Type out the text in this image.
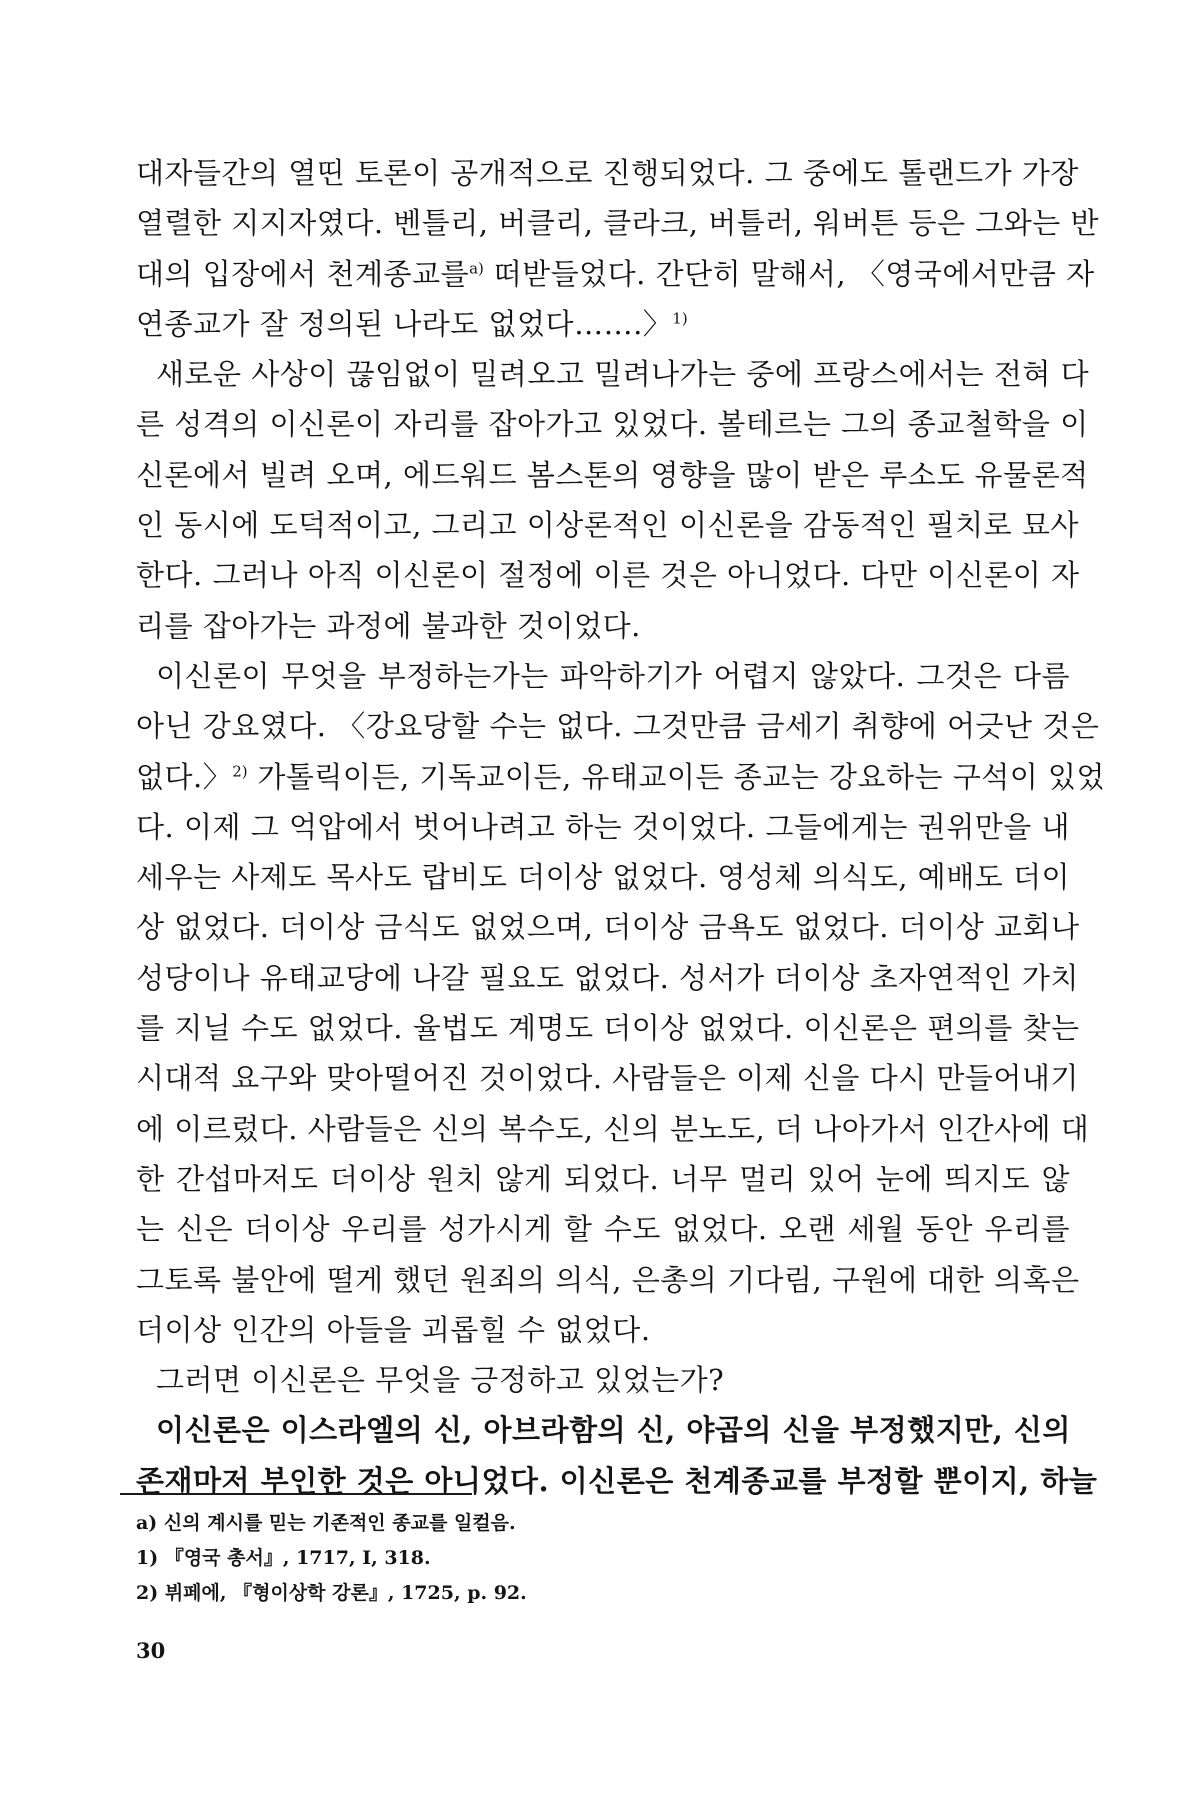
대자들간의 열띤 토론이 공개적으로 진행되었다. 그 중에도 톨랜드가 가장
열렬한 지지자였다. 벤틀리, 버클리, 클라크, 버틀러, 워버튼 등은 그와는 반
대의 입장에서 천계종교를$^{a)}$ 떠받들었다. 간단히 말해서, 〈영국에서만큼 자
연종교가 잘 정의된 나라도 없었다…….〉$^{1)}$
새로운 사상이 끊임없이 밀려오고 밀려나가는 중에 프랑스에서는 전혀 다
른 성격의 이신론이 자리를 잡아가고 있었다. 볼테르는 그의 종교철학을 이
신론에서 빌려 오며, 에드워드 봄스톤의 영향을 많이 받은 루소도 유물론적
인 동시에 도덕적이고, 그리고 이상론적인 이신론을 감동적인 필치로 묘사
한다. 그러나 아직 이신론이 절정에 이른 것은 아니었다. 다만 이신론이 자
리를 잡아가는 과정에 불과한 것이었다.
이신론이 무엇을 부정하는가는 파악하기가 어렵지 않았다. 그것은 다름
아닌 강요였다. 〈강요당할 수는 없다. 그것만큼 금세기 취향에 어긋난 것은
없다.〉$^{2)}$ 가톨릭이든, 기독교이든, 유태교이든 종교는 강요하는 구석이 있었
다. 이제 그 억압에서 벗어나려고 하는 것이었다. 그들에게는 권위만을 내
세우는 사제도 목사도 랍비도 더이상 없었다. 영성체 의식도, 예배도 더이
상 없었다. 더이상 금식도 없었으며, 더이상 금욕도 없었다. 더이상 교회나
성당이나 유태교당에 나갈 필요도 없었다. 성서가 더이상 초자연적인 가치
를 지닐 수도 없었다. 율법도 계명도 더이상 없었다. 이신론은 편의를 찾는
시대적 요구와 맞아떨어진 것이었다. 사람들은 이제 신을 다시 만들어내기
에 이르렀다. 사람들은 신의 복수도, 신의 분노도, 더 나아가서 인간사에 대
한 간섭마저도 더이상 원치 않게 되었다. 너무 멀리 있어 눈에 띄지도 않
는 신은 더이상 우리를 성가시게 할 수도 없었다. 오랜 세월 동안 우리를
그토록 불안에 떨게 했던 원죄의 의식, 은총의 기다림, 구원에 대한 의혹은
더이상 인간의 아들을 괴롭힐 수 없었다.
그러면 이신론은 무엇을 긍정하고 있었는가?
이신론은 이스라엘의 신, 아브라함의 신, 야곱의 신을 부정했지만, 신의
존재마저 부인한 것은 아니었다. 이신론은 천계종교를 부정할 뿐이지, 하늘
a) 신의 계시를 믿는 기존적인 종교를 일컬음.
1) 『영국 총서』, 1717, I, 318.
2) 뷔페에, 『형이상학 강론』, 1725, p. 92.
30
